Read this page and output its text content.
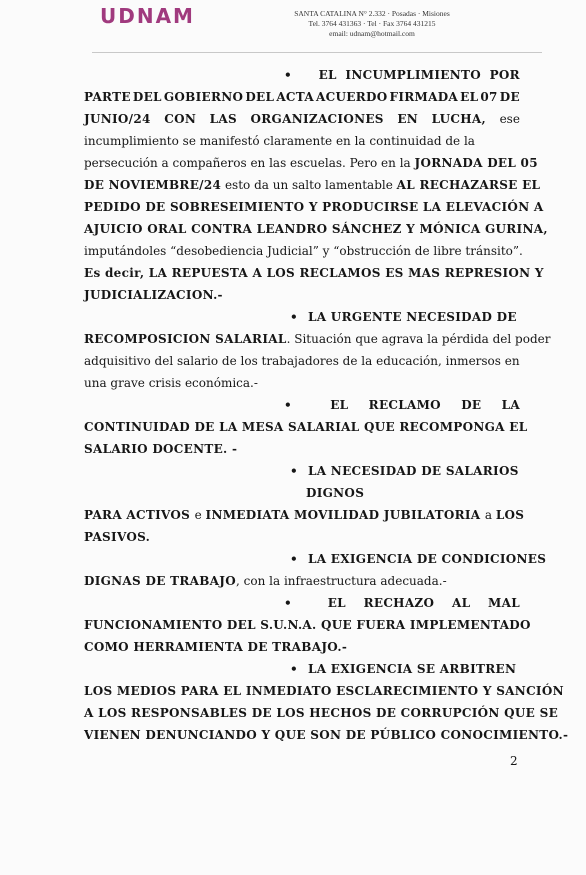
UDNAM	SANTA CATALINA N° 2.332 · Posadas · Misiones
Tel. 3764 431363 · Tel · Fax 3764 431215
email: udnam@hotmail.com
• EL INCUMPLIMIENTO POR
PARTE DEL GOBIERNO DEL ACTA ACUERDO FIRMADA EL 07 DE
JUNIO/24 CON LAS ORGANIZACIONES EN LUCHA, ese
incumplimiento se manifestó claramente en la continuidad de la
persecución a compañeros en las escuelas. Pero en la JORNADA DEL 05
DE NOVIEMBRE/24 esto da un salto lamentable AL RECHAZARSE EL
PEDIDO DE SOBRESEIMIENTO Y PRODUCIRSE LA ELEVACIÓN A
AJUICIO ORAL CONTRA LEANDRO SÁNCHEZ Y MÓNICA GURINA,
imputándoles “desobediencia Judicial” y “obstrucción de libre tránsito”.
Es decir, LA REPUESTA A LOS RECLAMOS ES MAS REPRESION Y
JUDICIALIZACION.-
• LA URGENTE NECESIDAD DE
RECOMPOSICION SALARIAL. Situación que agrava la pérdida del poder
adquisitivo del salario de los trabajadores de la educación, inmersos en
una grave crisis económica.-
•	EL RECLAMO DE LA
CONTINUIDAD DE LA MESA SALARIAL QUE RECOMPONGA EL
SALARIO DOCENTE. -
• LA NECESIDAD DE SALARIOS
DIGNOS
PARA ACTIVOS e INMEDIATA MOVILIDAD JUBILATORIA a LOS
PASIVOS.
• LA EXIGENCIA DE CONDICIONES
DIGNAS DE TRABAJO, con la infraestructura adecuada.-
•	EL RECHAZO AL MAL
FUNCIONAMIENTO DEL S.U.N.A. QUE FUERA IMPLEMENTADO
COMO HERRAMIENTA DE TRABAJO.-
• LA EXIGENCIA SE ARBITREN
LOS MEDIOS PARA EL INMEDIATO ESCLARECIMIENTO Y SANCIÓN
A LOS RESPONSABLES DE LOS HECHOS DE CORRUPCIÓN QUE SE
VIENEN DENUNCIANDO Y QUE SON DE PÚBLICO CONOCIMIENTO.-
2
